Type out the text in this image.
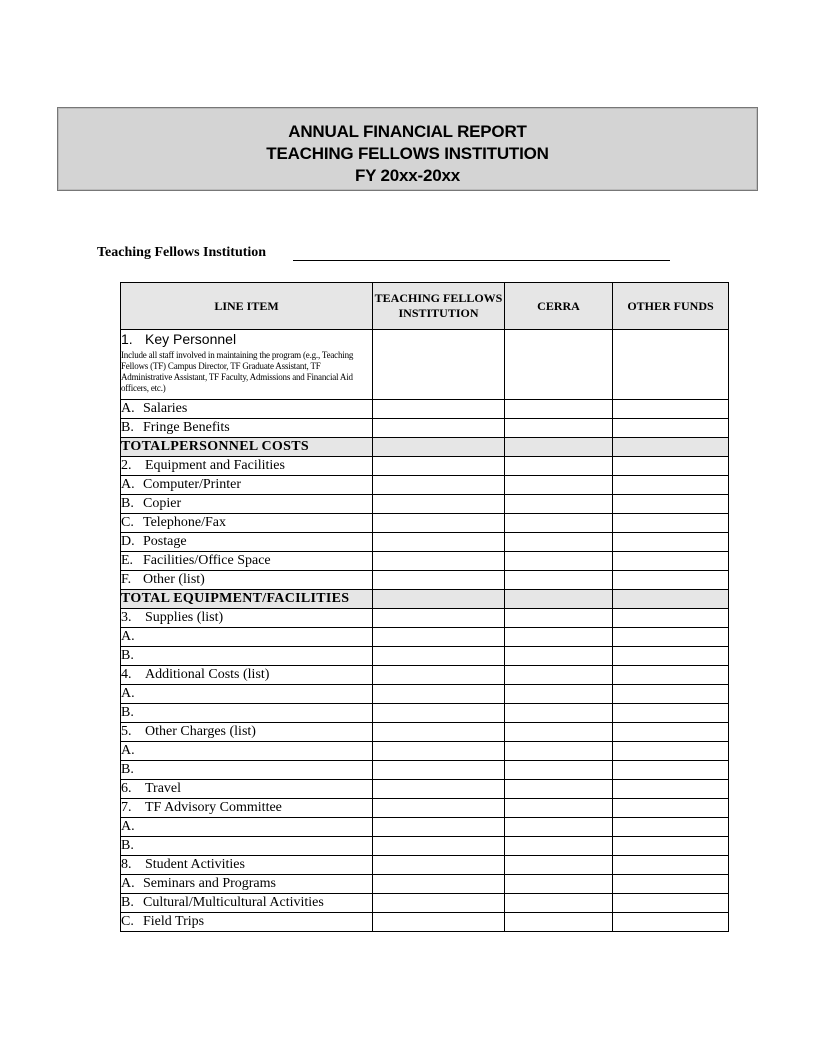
ANNUAL FINANCIAL REPORT
TEACHING FELLOWS INSTITUTION
FY 20xx-20xx
Teaching Fellows Institution
LINE ITEM	TEACHING FELLOWS INSTITUTION	CERRA	OTHER FUNDS

1. Key Personnel
Include all staff involved in maintaining the program (e.g., Teaching Fellows (TF) Campus Director, TF Graduate Assistant, TF Administrative Assistant, TF Faculty, Admissions and Financial Aid officers, etc.)			

A. Salaries			
B. Fringe Benefits			
TOTALPERSONNEL COSTS			
2. Equipment and Facilities			
A. Computer/Printer			
B. Copier			
C. Telephone/Fax			
D. Postage			
E. Facilities/Office Space			
F. Other (list)			
TOTAL EQUIPMENT/FACILITIES			
3. Supplies (list)			
A.			
B.			
4. Additional Costs (list)			
A.			
B.			
5. Other Charges (list)			
A.			
B.			
6. Travel			
7. TF Advisory Committee			
A.			
B.			
8. Student Activities			
A. Seminars and Programs			
B. Cultural/Multicultural Activities			
C. Field Trips			
